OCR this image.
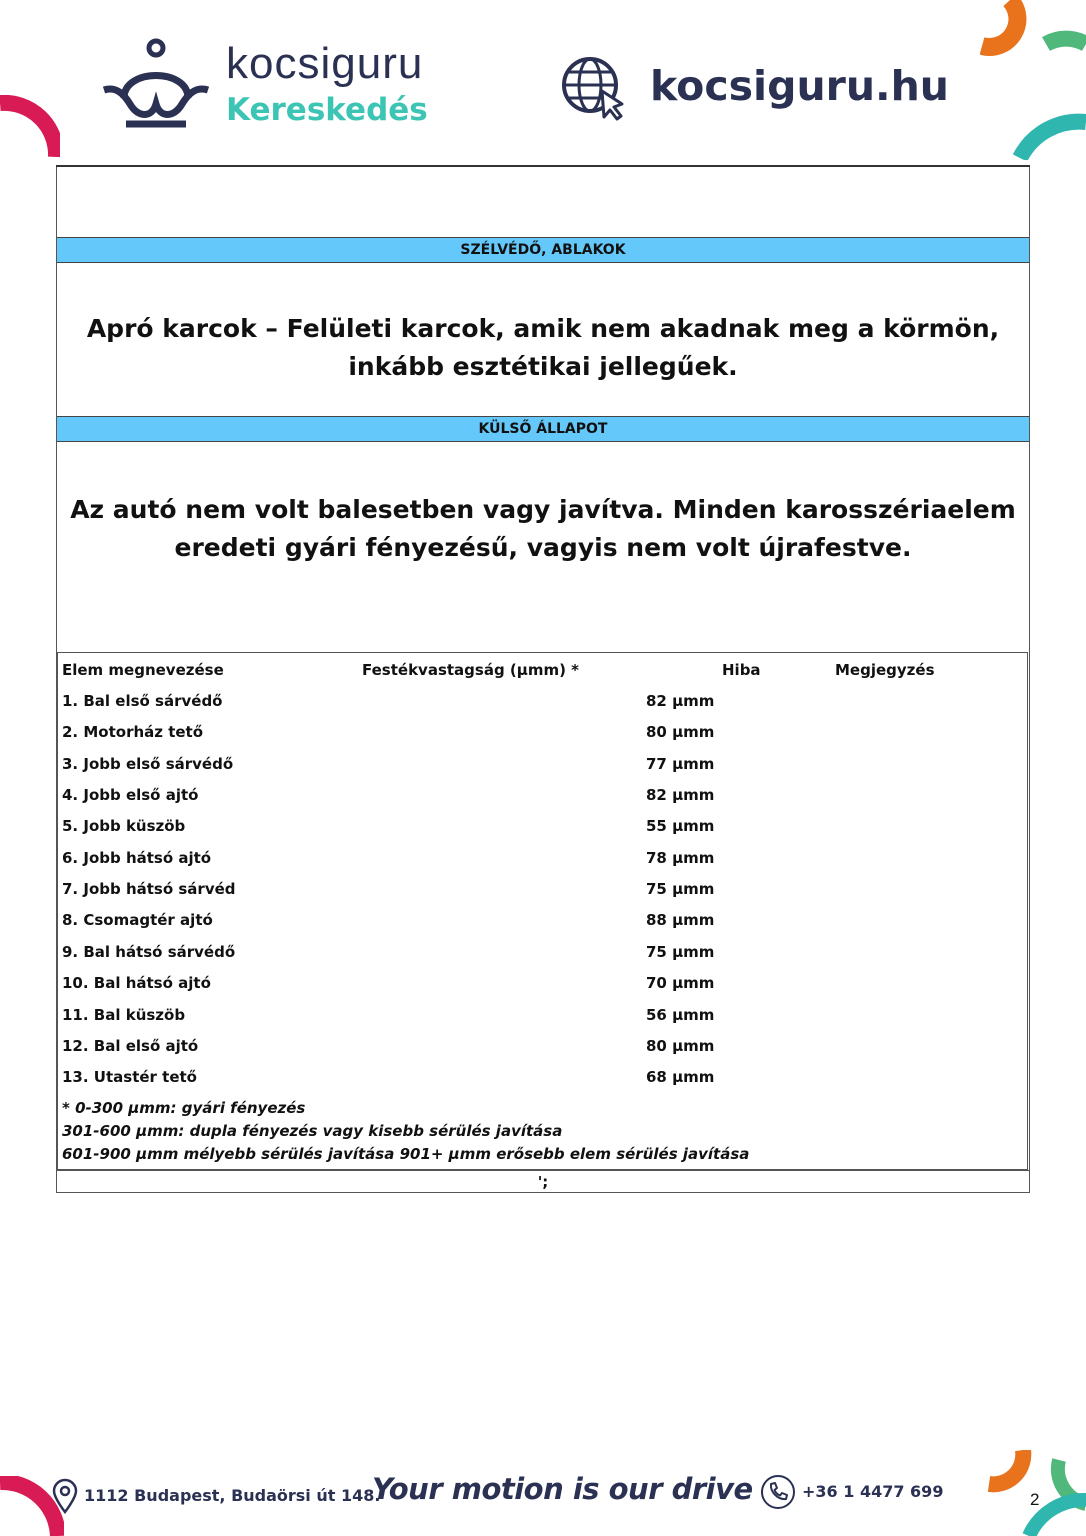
kocsiguru
Kereskedés	kocsiguru.hu
SZÉLVÉDŐ, ABLAKOK
Apró karcok – Felületi karcok, amik nem akadnak meg a körmön,
inkább esztétikai jellegűek.
KÜLSŐ ÁLLAPOT
Az autó nem volt balesetben vagy javítva. Minden karosszériaelem
eredeti gyári fényezésű, vagyis nem volt újrafestve.
Elem megnevezése	Festékvastagság (µmm) *	Hiba	Megjegyzés
1. Bal első sárvédő	82 µmm
2. Motorház tető	80 µmm
3. Jobb első sárvédő	77 µmm
4. Jobb első ajtó	82 µmm
5. Jobb küszöb	55 µmm
6. Jobb hátsó ajtó	78 µmm
7. Jobb hátsó sárvéd	75 µmm
8. Csomagtér ajtó	88 µmm
9. Bal hátsó sárvédő	75 µmm
10. Bal hátsó ajtó	70 µmm
11. Bal küszöb	56 µmm
12. Bal első ajtó	80 µmm
13. Utastér tető	68 µmm
* 0-300 µmm: gyári fényezés
301-600 µmm: dupla fényezés vagy kisebb sérülés javítása
601-900 µmm mélyebb sérülés javítása 901+ µmm erősebb elem sérülés javítása
';
1112 Budapest, Budaörsi út 148.
Your motion is our drive	+36 1 4477 699	2
